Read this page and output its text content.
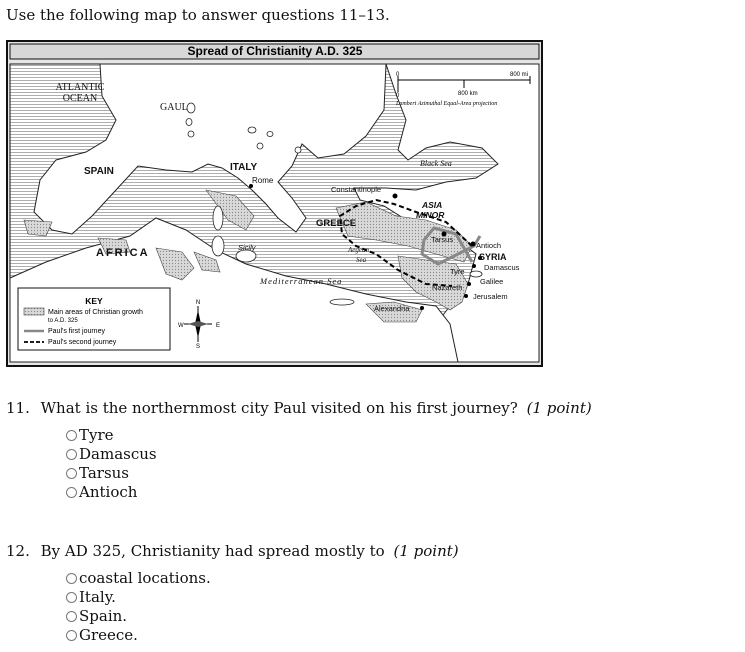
Use the following map to answer questions 11–13.
Spread of Christianity A.D. 325
0	800 mi
0	800 km
Lambert Azimuthal Equal-Area projection
ATLANTIC
OCEAN
GAUL
SPAIN
AFRICA
ITALY
Rome
Sicily
Mediterranean Sea
Black Sea
Constantinople
GREECE
Aegean
Sea
ASIA
MINOR
Tarsus
Antioch
SYRIA
Damascus
Tyre
Galilee
Nazareth
Jerusalem
Alexandria
KEY
Main areas of Christian growth
to A.D. 325
Paul's first journey
Paul's second journey
N
S
E
W
11. What is the northernmost city Paul visited on his first journey? (1 point)
Tyre
Damascus
Tarsus
Antioch
12. By AD 325, Christianity had spread mostly to (1 point)
coastal locations.
Italy.
Spain.
Greece.
